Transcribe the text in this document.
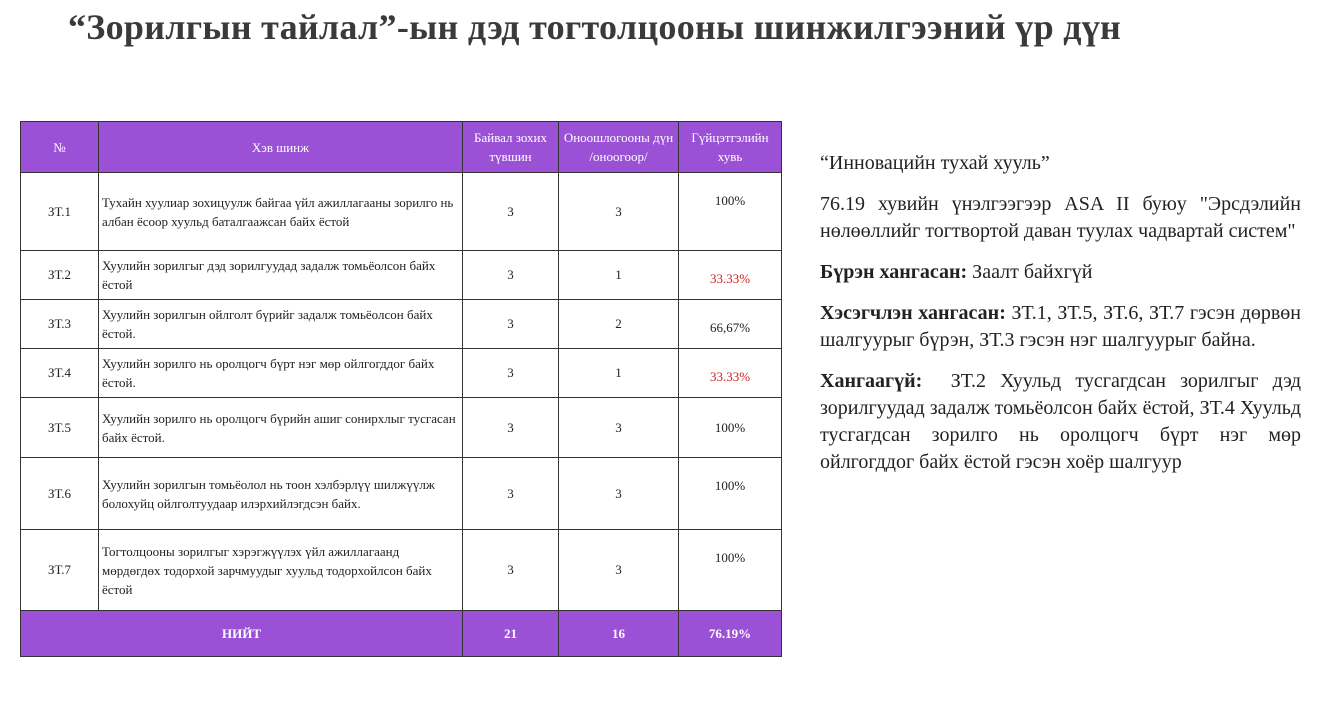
“Зорилгын тайлал”-ын дэд тогтолцооны шинжилгээний үр дүн
№	Хэв шинж	Байвал зохих түвшин	Оноошлогооны дүн /оноогоор/	Гүйцэтгэлийн хувь
ЗТ.1	Тухайн хуулиар зохицуулж байгаа үйл ажиллагааны зорилго нь албан ёсоор хуульд баталгаажсан байх ёстой	3	3	100%
ЗТ.2	Хуулийн зорилгыг дэд зорилгуудад задалж томьёолсон байх ёстой	3	1	33.33%
ЗТ.3	Хуулийн зорилгын ойлголт бүрийг задалж томьёолсон байх ёстой.	3	2	66,67%
ЗТ.4	Хуулийн зорилго нь оролцогч бүрт нэг мөр ойлгогддог байх ёстой.	3	1	33.33%
ЗТ.5	Хуулийн зорилго нь оролцогч бүрийн ашиг сонирхлыг тусгасан байх ёстой.	3	3	100%
ЗТ.6	Хуулийн зорилгын томьёолол нь тоон хэлбэрлүү шилжүүлж болохуйц ойлголтуудаар илэрхийлэгдсэн байх.	3	3	100%
ЗТ.7	Тогтолцооны зорилгыг хэрэгжүүлэх үйл ажиллагаанд мөрдөгдөх тодорхой зарчмуудыг хуульд тодорхойлсон байх ёстой	3	3	100%
НИЙТ		21	16	76.19%

“Инновацийн тухай хууль”

76.19 хувийн үнэлгээгээр ASA II буюу "Эрсдэлийн нөлөөллийг тогтвортой даван туулах чадвартай систем"

Бүрэн хангасан: Заалт байхгүй

Хэсэгчлэн хангасан: ЗТ.1, ЗТ.5, ЗТ.6, ЗТ.7 гэсэн дөрвөн шалгуурыг бүрэн, ЗТ.3 гэсэн нэг шалгуурыг байна.

Хангаагүй:  ЗТ.2 Хуульд тусгагдсан зорилгыг дэд зорилгуудад задалж томьёолсон байх ёстой, ЗТ.4 Хуульд тусгагдсан зорилго нь оролцогч бүрт нэг мөр ойлгогддог байх ёстой гэсэн хоёр шалгуур
